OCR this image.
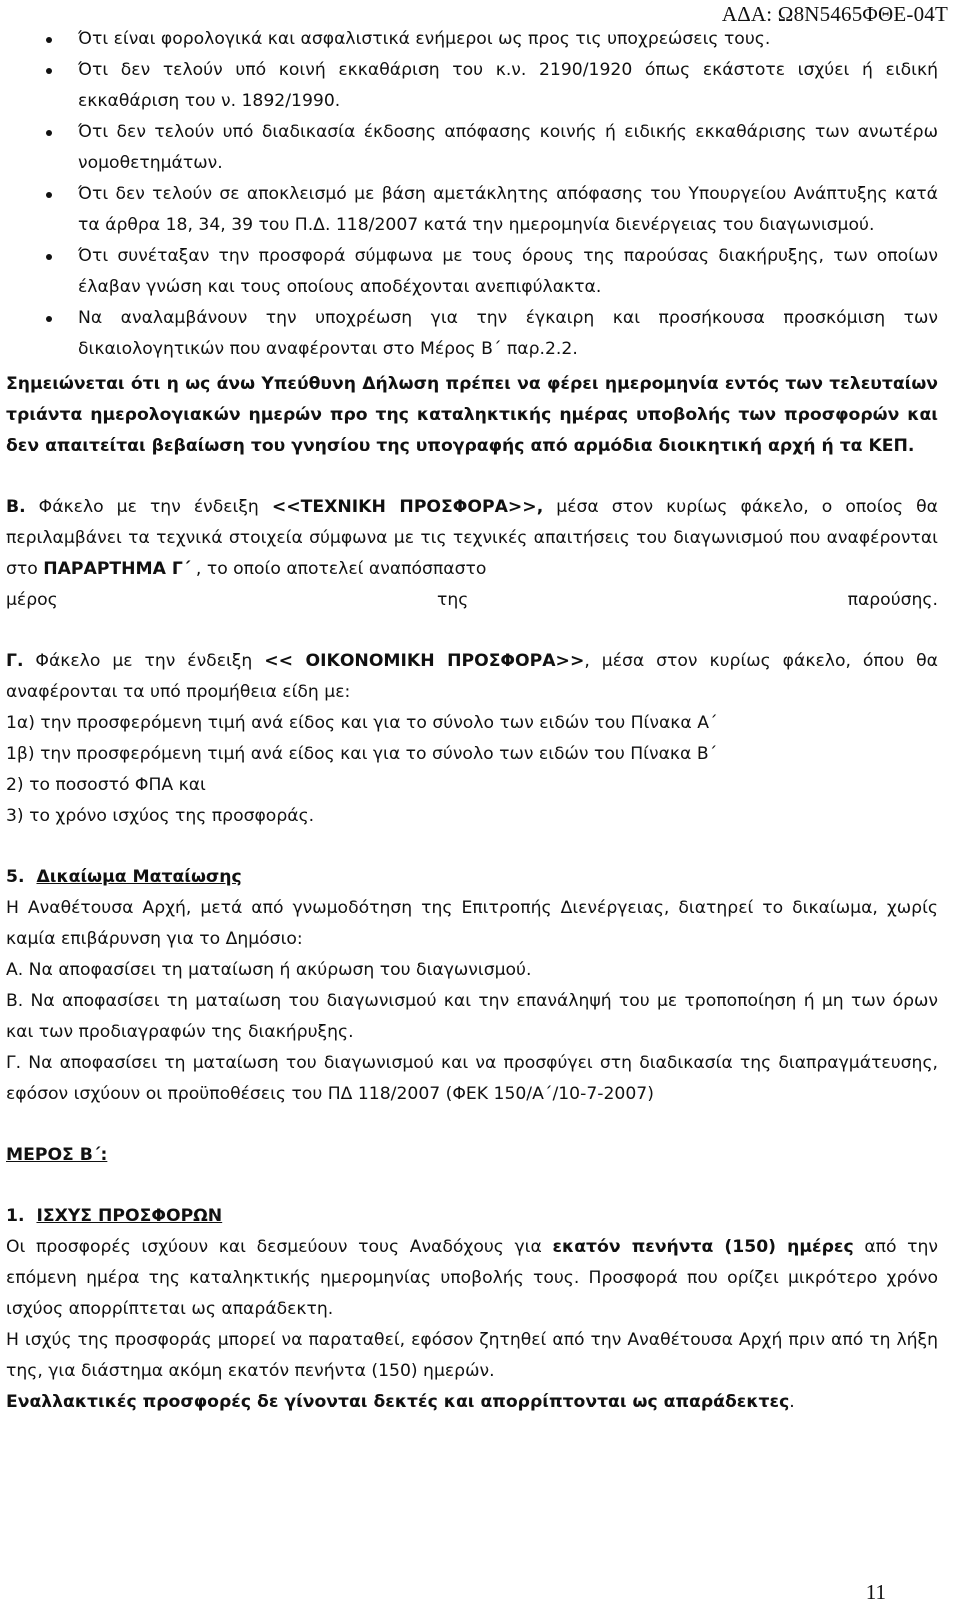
ΑΔΑ: Ω8Ν5465ΦΘΕ-04Τ
Ότι είναι φορολογικά και ασφαλιστικά ενήμεροι ως προς τις υποχρεώσεις τους.
Ότι δεν τελούν υπό κοινή εκκαθάριση του κ.ν. 2190/1920 όπως εκάστοτε ισχύει ή ειδική εκκαθάριση του ν. 1892/1990.
Ότι δεν τελούν υπό διαδικασία έκδοσης απόφασης κοινής ή ειδικής εκκαθάρισης των ανωτέρω νομοθετημάτων.
Ότι δεν τελούν σε αποκλεισμό με βάση αμετάκλητης απόφασης του Υπουργείου Ανάπτυξης κατά τα άρθρα 18, 34, 39 του Π.Δ. 118/2007 κατά την ημερομηνία διενέργειας του διαγωνισμού.
Ότι συνέταξαν την προσφορά σύμφωνα με τους όρους της παρούσας διακήρυξης, των οποίων έλαβαν γνώση και τους οποίους αποδέχονται ανεπιφύλακτα.
Να αναλαμβάνουν την υποχρέωση για την έγκαιρη και προσήκουσα προσκόμιση των δικαιολογητικών που αναφέρονται στο Μέρος Β΄ παρ.2.2.

Σημειώνεται ότι η ως άνω Υπεύθυνη Δήλωση πρέπει να φέρει ημερομηνία εντός των τελευταίων τριάντα ημερολογιακών ημερών προ της καταληκτικής ημέρας υποβολής των προσφορών και δεν απαιτείται βεβαίωση του γνησίου της υπογραφής από αρμόδια διοικητική αρχή ή τα ΚΕΠ.

Β. Φάκελο με την ένδειξη <<ΤΕΧΝΙΚΗ ΠΡΟΣΦΟΡΑ>>, μέσα στον κυρίως φάκελο, ο οποίος θα περιλαμβάνει τα τεχνικά στοιχεία σύμφωνα με τις τεχνικές απαιτήσεις του διαγωνισμού που αναφέρονται στο ΠΑΡΑΡΤΗΜΑ Γ΄ , το οποίο αποτελεί αναπόσπαστο

μέρος	της	παρούσης.

Γ. Φάκελο με την ένδειξη << ΟΙΚΟΝΟΜΙΚΗ ΠΡΟΣΦΟΡΑ>>, μέσα στον κυρίως φάκελο, όπου θα αναφέρονται τα υπό προμήθεια είδη με:

1α) την προσφερόμενη τιμή ανά είδος και για το σύνολο των ειδών του Πίνακα Α΄

1β) την προσφερόμενη τιμή ανά είδος και για το σύνολο των ειδών του Πίνακα Β΄

2) το ποσοστό ΦΠΑ και

3) το χρόνο ισχύος της προσφοράς.

5. Δικαίωμα Ματαίωσης

Η Αναθέτουσα Αρχή, μετά από γνωμοδότηση της Επιτροπής Διενέργειας, διατηρεί το δικαίωμα, χωρίς καμία επιβάρυνση για το Δημόσιο:

Α. Να αποφασίσει τη ματαίωση ή ακύρωση του διαγωνισμού.

Β. Να αποφασίσει τη ματαίωση του διαγωνισμού και την επανάληψή του με τροποποίηση ή μη των όρων και των προδιαγραφών της διακήρυξης.

Γ. Να αποφασίσει τη ματαίωση του διαγωνισμού και να προσφύγει στη διαδικασία της διαπραγμάτευσης, εφόσον ισχύουν οι προϋποθέσεις του ΠΔ 118/2007 (ΦΕΚ 150/Α΄/10-7-2007)

ΜΕΡΟΣ Β΄:

1. ΙΣΧΥΣ ΠΡΟΣΦΟΡΩΝ

Οι προσφορές ισχύουν και δεσμεύουν τους Αναδόχους για εκατόν πενήντα (150) ημέρες από την επόμενη ημέρα της καταληκτικής ημερομηνίας υποβολής τους. Προσφορά που ορίζει μικρότερο χρόνο ισχύος απορρίπτεται ως απαράδεκτη.

Η ισχύς της προσφοράς μπορεί να παραταθεί, εφόσον ζητηθεί από την Αναθέτουσα Αρχή πριν από τη λήξη της, για διάστημα ακόμη εκατόν πενήντα (150) ημερών.

Εναλλακτικές προσφορές δε γίνονται δεκτές και απορρίπτονται ως απαράδεκτες.

11
